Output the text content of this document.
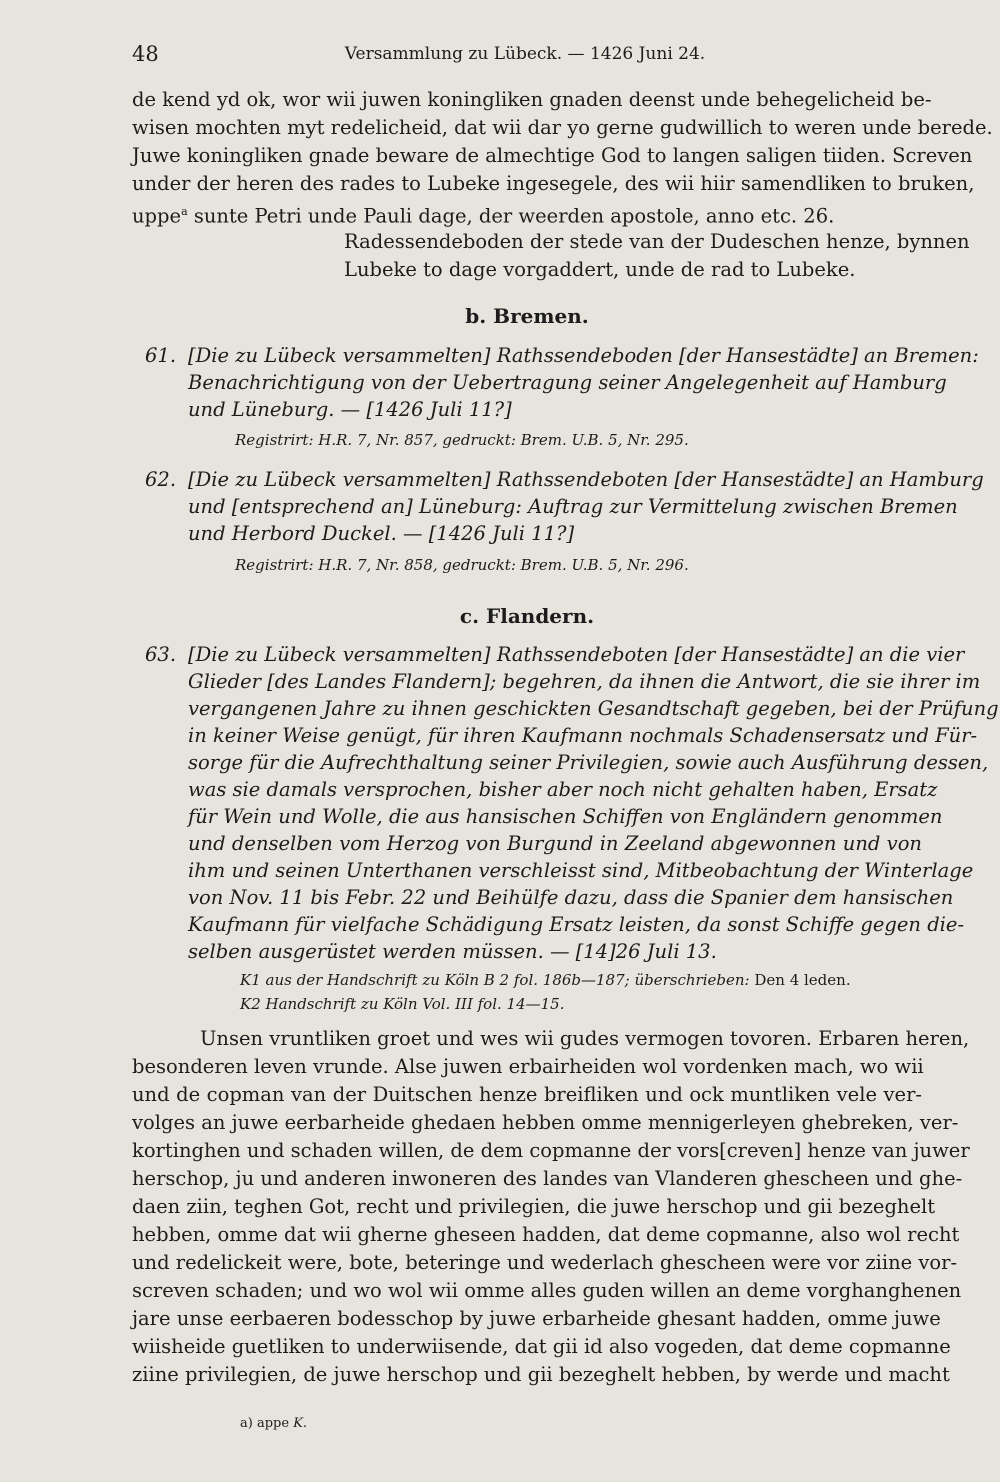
48	Versammlung zu Lübeck. — 1426 Juni 24.
de kend yd ok, wor wii juwen koningliken gnaden deenst unde behegelicheid be-
wisen mochten myt redelicheid, dat wii dar yo gerne gudwillich to weren unde berede.
Juwe koningliken gnade beware de almechtige God to langen saligen tiiden. Screven
under der heren des rades to Lubeke ingesegele, des wii hiir samendliken to bruken,
uppe$^a$ sunte Petri unde Pauli dage, der weerden apostole, anno etc. 26.
Radessendeboden der stede van der Dudeschen henze, bynnen
Lubeke to dage vorgaddert, unde de rad to Lubeke.
b. Bremen.
61. [Die zu Lübeck versammelten] Rathssendeboden [der Hansestädte] an Bremen:
Benachrichtigung von der Uebertragung seiner Angelegenheit auf Hamburg
und Lüneburg. — [1426 Juli 11?]
Registrirt: H.R. 7, Nr. 857, gedruckt: Brem. U.B. 5, Nr. 295.
62. [Die zu Lübeck versammelten] Rathssendeboten [der Hansestädte] an Hamburg
und [entsprechend an] Lüneburg: Auftrag zur Vermittelung zwischen Bremen
und Herbord Duckel. — [1426 Juli 11?]
Registrirt: H.R. 7, Nr. 858, gedruckt: Brem. U.B. 5, Nr. 296.
c. Flandern.
63. [Die zu Lübeck versammelten] Rathssendeboten [der Hansestädte] an die vier
Glieder [des Landes Flandern]; begehren, da ihnen die Antwort, die sie ihrer im
vergangenen Jahre zu ihnen geschickten Gesandtschaft gegeben, bei der Prüfung
in keiner Weise genügt, für ihren Kaufmann nochmals Schadensersatz und Für-
sorge für die Aufrechthaltung seiner Privilegien, sowie auch Ausführung dessen,
was sie damals versprochen, bisher aber noch nicht gehalten haben, Ersatz
für Wein und Wolle, die aus hansischen Schiffen von Engländern genommen
und denselben vom Herzog von Burgund in Zeeland abgewonnen und von
ihm und seinen Unterthanen verschleisst sind, Mitbeobachtung der Winterlage
von Nov. 11 bis Febr. 22 und Beihülfe dazu, dass die Spanier dem hansischen
Kaufmann für vielfache Schädigung Ersatz leisten, da sonst Schiffe gegen die-
selben ausgerüstet werden müssen. — [14]26 Juli 13.
K1 aus der Handschrift zu Köln B 2 fol. 186b—187; überschrieben: Den 4 leden.
K2 Handschrift zu Köln Vol. III fol. 14—15.
Unsen vruntliken groet und wes wii gudes vermogen tovoren. Erbaren heren,
besonderen leven vrunde. Alse juwen erbairheiden wol vordenken mach, wo wii
und de copman van der Duitschen henze breifliken und ock muntliken vele ver-
volges an juwe eerbarheide ghedaen hebben omme mennigerleyen ghebreken, ver-
kortinghen und schaden willen, de dem copmanne der vors[creven] henze van juwer
herschop, ju und anderen inwoneren des landes van Vlanderen ghescheen und ghe-
daen ziin, teghen Got, recht und privilegien, die juwe herschop und gii bezeghelt
hebben, omme dat wii gherne gheseen hadden, dat deme copmanne, also wol recht
und redelickeit were, bote, beteringe und wederlach ghescheen were vor ziine vor-
screven schaden; und wo wol wii omme alles guden willen an deme vorghanghenen
jare unse eerbaeren bodesschop by juwe erbarheide ghesant hadden, omme juwe
wiisheide guetliken to underwiisende, dat gii id also vogeden, dat deme copmanne
ziine privilegien, de juwe herschop und gii bezeghelt hebben, by werde und macht
a) appe K.
